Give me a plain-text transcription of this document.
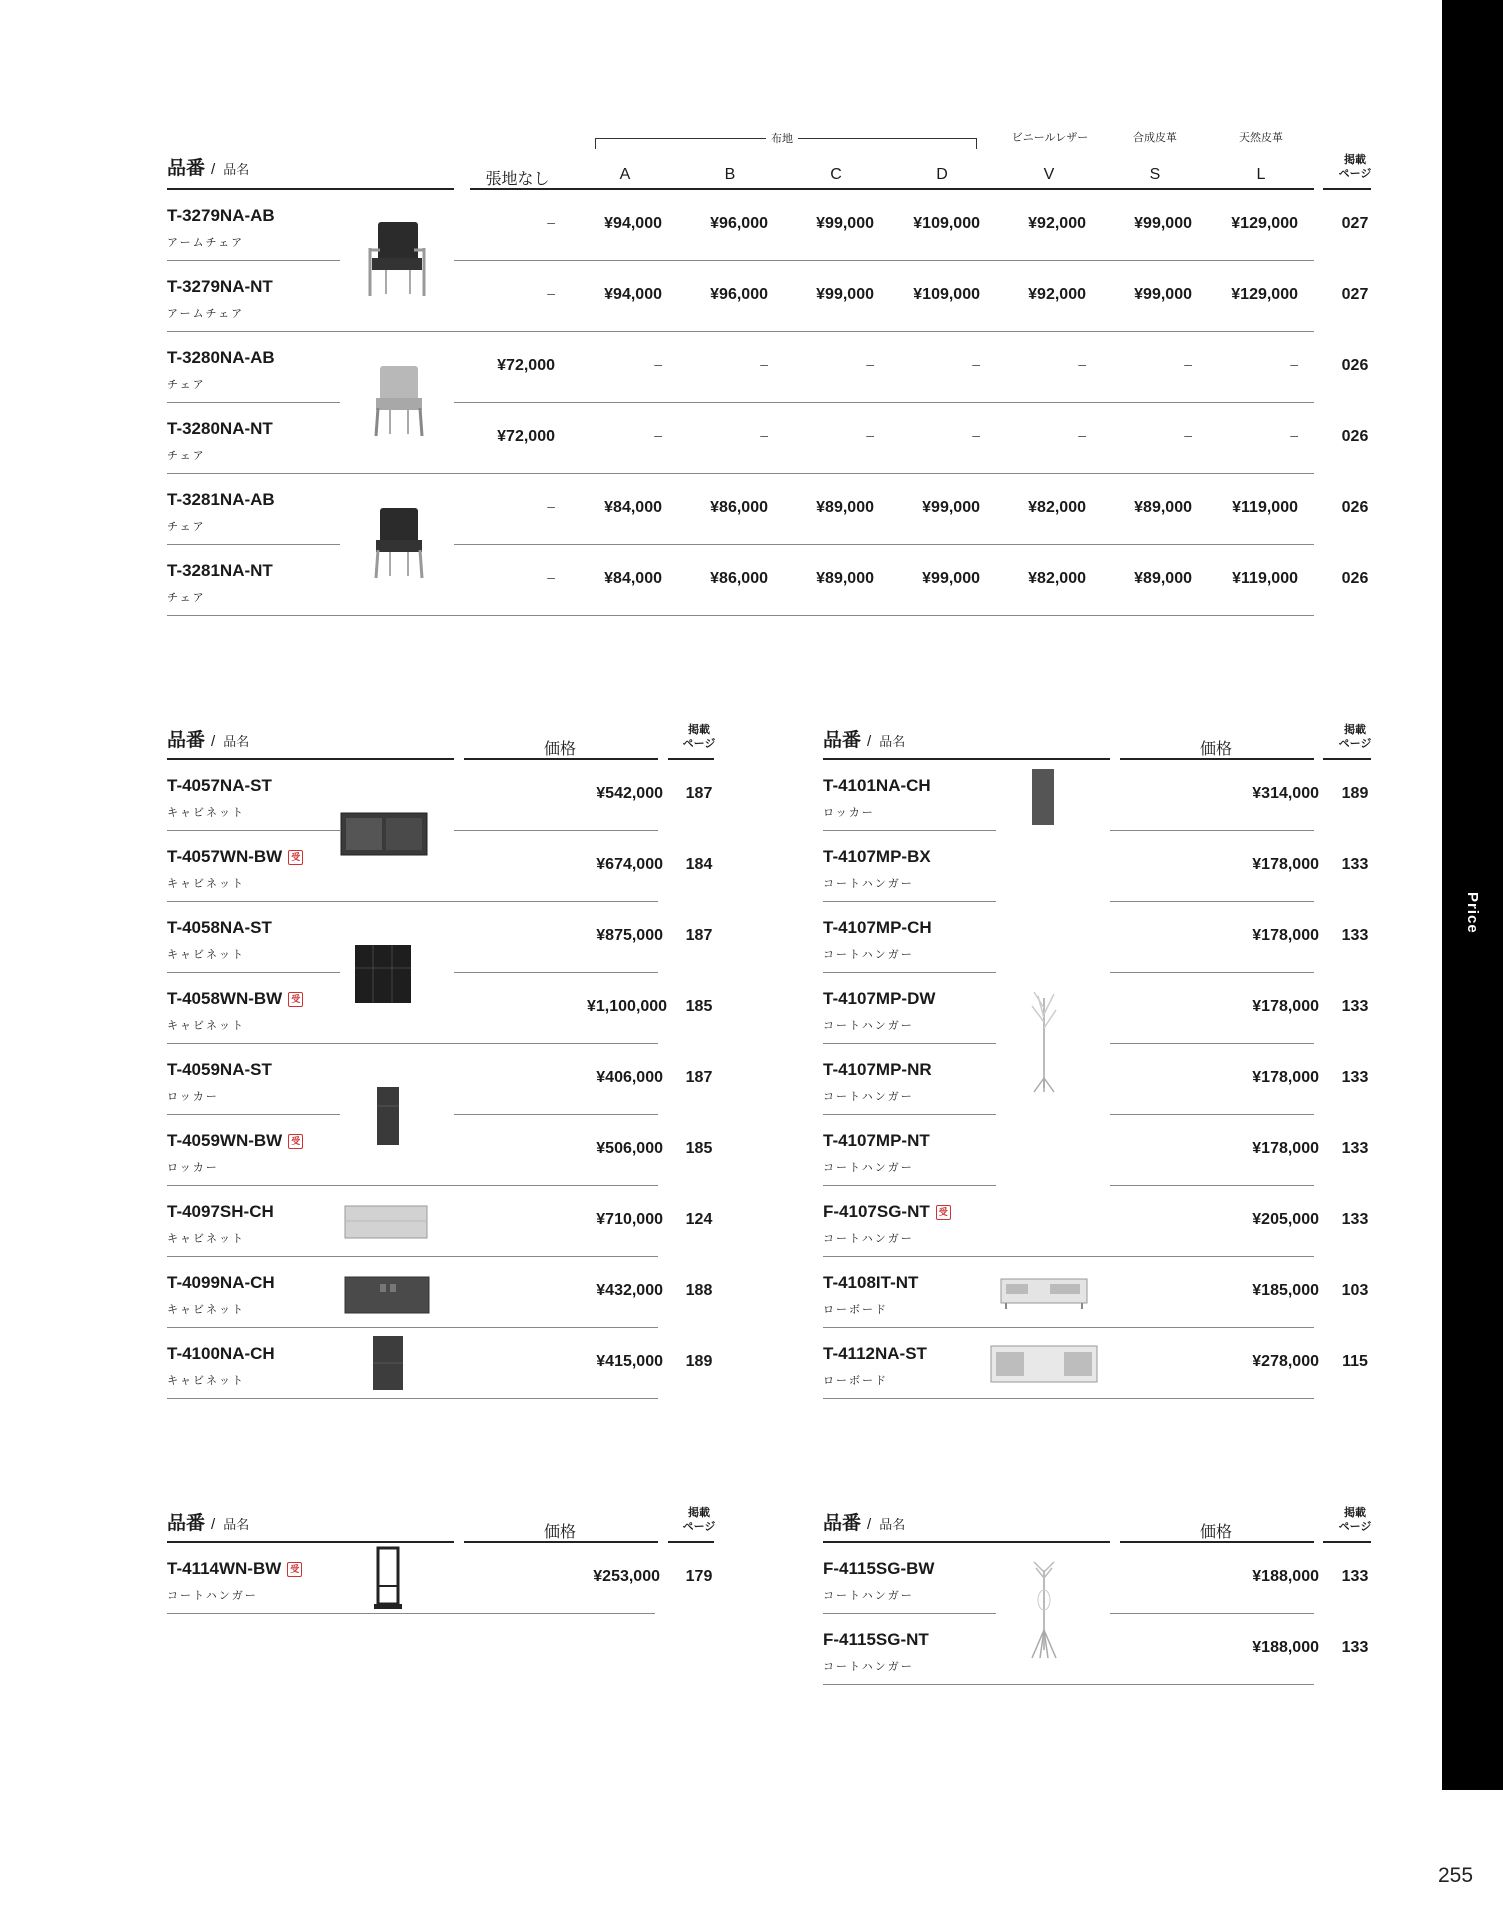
布地	ビニールレザー	合成皮革	天然皮革
品番 / 品名
張地なし	A	B	C	D	V	S	L
掲載
ページ
T-3279NA-AB
アームチェア
–	¥94,000	¥96,000	¥99,000	¥109,000	¥92,000	¥99,000	¥129,000	027
T-3279NA-NT
アームチェア
–	¥94,000	¥96,000	¥99,000	¥109,000	¥92,000	¥99,000	¥129,000	027
T-3280NA-AB
チェア
¥72,000	–	–	–	–	–	–	–	026
T-3280NA-NT
チェア
¥72,000	–	–	–	–	–	–	–	026
T-3281NA-AB
チェア
–	¥84,000	¥86,000	¥89,000	¥99,000	¥82,000	¥89,000	¥119,000	026
T-3281NA-NT
チェア
–	¥84,000	¥86,000	¥89,000	¥99,000	¥82,000	¥89,000	¥119,000	026
品番 / 品名	価格
掲載
ページ
T-4057NA-ST
キャビネット
¥542,000	187
T-4057WN-BW 受
キャビネット
¥674,000	184
T-4058NA-ST
キャビネット
¥875,000	187
T-4058WN-BW 受
キャビネット
¥1,100,000	185
T-4059NA-ST
ロッカー
¥406,000	187
T-4059WN-BW 受
ロッカー
¥506,000	185
T-4097SH-CH
キャビネット
¥710,000	124
T-4099NA-CH
キャビネット
¥432,000	188
T-4100NA-CH
キャビネット
¥415,000	189
品番 / 品名	価格
掲載
ページ
T-4101NA-CH
ロッカー
¥314,000	189
T-4107MP-BX
コートハンガー
¥178,000	133
T-4107MP-CH
コートハンガー
¥178,000	133
T-4107MP-DW
コートハンガー
¥178,000	133
T-4107MP-NR
コートハンガー
¥178,000	133
T-4107MP-NT
コートハンガー
¥178,000	133
F-4107SG-NT 受
コートハンガー
¥205,000	133
T-4108IT-NT
ローボード
¥185,000	103
T-4112NA-ST
ローボード
¥278,000	115
品番 / 品名	価格
掲載
ページ
T-4114WN-BW 受
コートハンガー
¥253,000	179
品番 / 品名	価格
掲載
ページ
F-4115SG-BW
コートハンガー
¥188,000	133
F-4115SG-NT
コートハンガー
¥188,000	133
Price
255
